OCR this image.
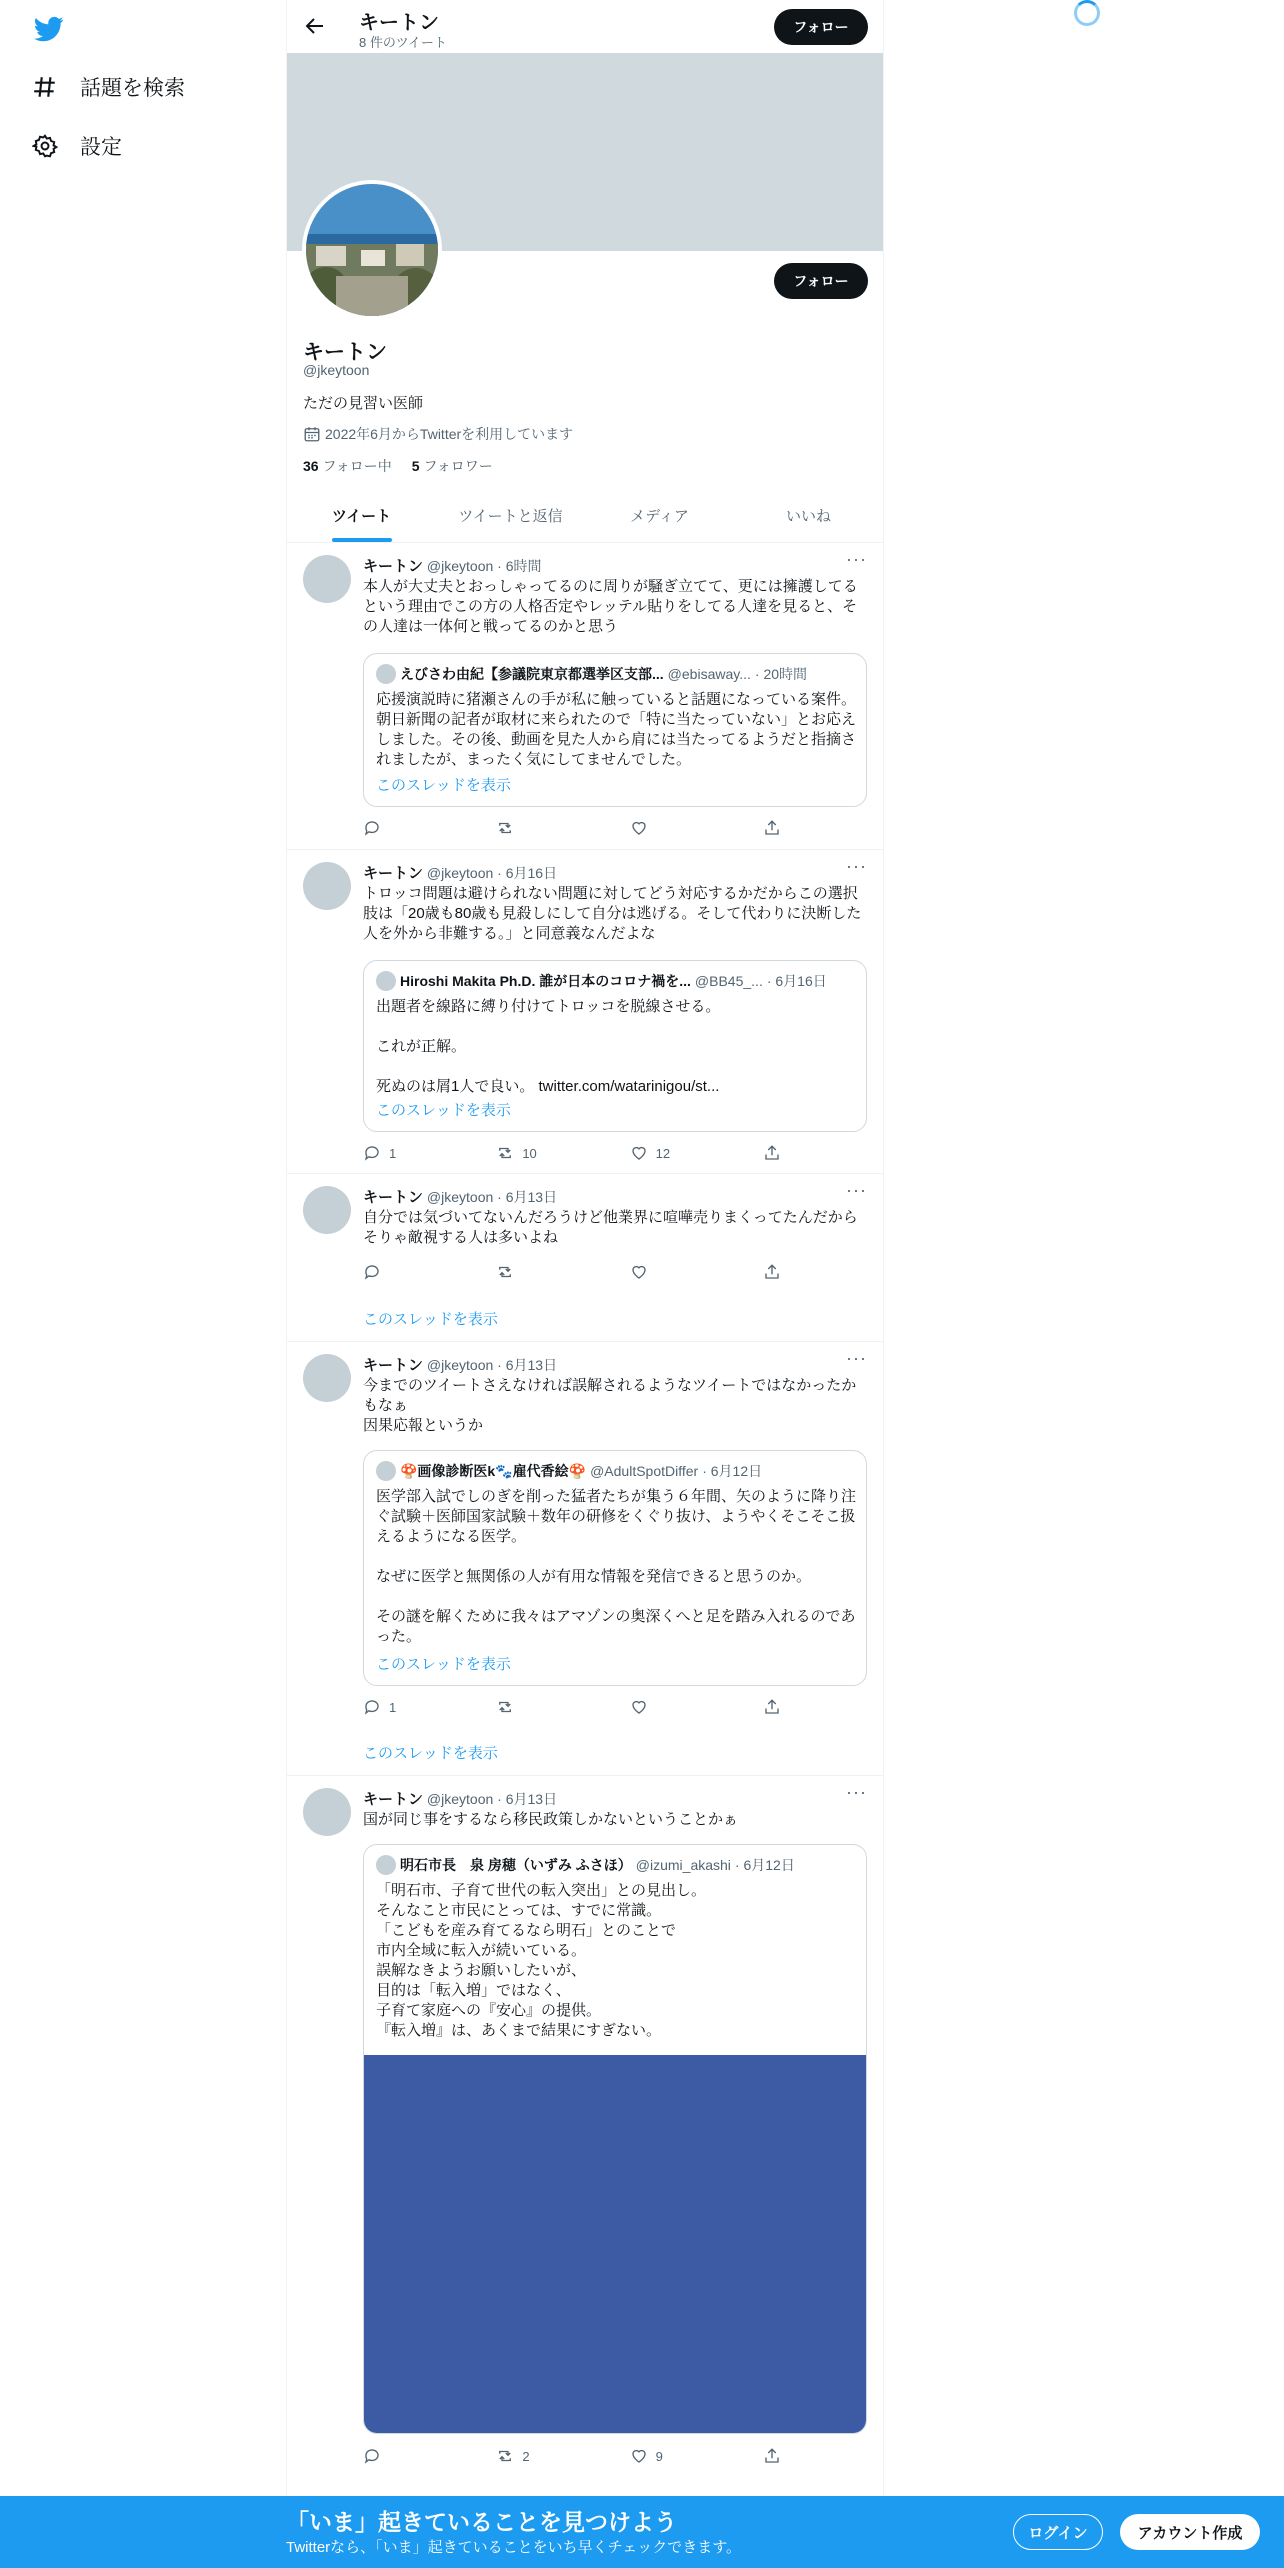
話題を検索
設定
キートン
8 件のツイート
フォロー
フォロー
キートン
@jkeytoon
ただの見習い医師
2022年6月からTwitterを利用しています
36 フォロー中 5 フォロワー
ツイート	ツイートと返信	メディア	いいね
キートン @jkeytoon · 6時間	···
本人が大丈夫とおっしゃってるのに周りが騒ぎ立てて、更には擁護してるという理由でこの方の人格否定やレッテル貼りをしてる人達を見ると、その人達は一体何と戦ってるのかと思う
えびさわ由紀【参議院東京都選挙区支部... @ebisaway... · 20時間
応援演説時に猪瀬さんの手が私に触っていると話題になっている案件。朝日新聞の記者が取材に来られたので「特に当たっていない」とお応えしました。その後、動画を見た人から肩には当たってるようだと指摘されましたが、まったく気にしてませんでした。
このスレッドを表示
キートン @jkeytoon · 6月16日	···
トロッコ問題は避けられない問題に対してどう対応するかだからこの選択肢は「20歳も80歳も見殺しにして自分は逃げる。そして代わりに決断した人を外から非難する。」と同意義なんだよな
Hiroshi Makita Ph.D. 誰が日本のコロナ禍を... @BB45_... · 6月16日
出題者を線路に縛り付けてトロッコを脱線させる。

これが正解。

死ぬのは屑1人で良い。 twitter.com/watarinigou/st...
このスレッドを表示
1	10	12
キートン @jkeytoon · 6月13日	···
自分では気づいてないんだろうけど他業界に喧嘩売りまくってたんだからそりゃ敵視する人は多いよね
このスレッドを表示
キートン @jkeytoon · 6月13日	···
今までのツイートさえなければ誤解されるようなツイートではなかったかもなぁ
因果応報というか
🍄画像診断医k🐾雇代香絵🍄 @AdultSpotDiffer · 6月12日
医学部入試でしのぎを削った猛者たちが集う６年間、矢のように降り注ぐ試験＋医師国家試験＋数年の研修をくぐり抜け、ようやくそこそこ扱えるようになる医学。

なぜに医学と無関係の人が有用な情報を発信できると思うのか。

その謎を解くために我々はアマゾンの奥深くへと足を踏み入れるのであった。
このスレッドを表示
1
このスレッドを表示
キートン @jkeytoon · 6月13日	···
国が同じ事をするなら移民政策しかないということかぁ
明石市長　泉 房穂（いずみ ふさほ） @izumi_akashi · 6月12日
「明石市、子育て世代の転入突出」との見出し。
そんなこと市民にとっては、すでに常識。
「こどもを産み育てるなら明石」とのことで
市内全域に転入が続いている。
誤解なきようお願いしたいが、
目的は「転入増」ではなく、
子育て家庭への『安心』の提供。
『転入増』は、あくまで結果にすぎない。
2	9
「いま」起きていることを見つけよう
Twitterなら、「いま」起きていることをいち早くチェックできます。
ログイン	アカウント作成
